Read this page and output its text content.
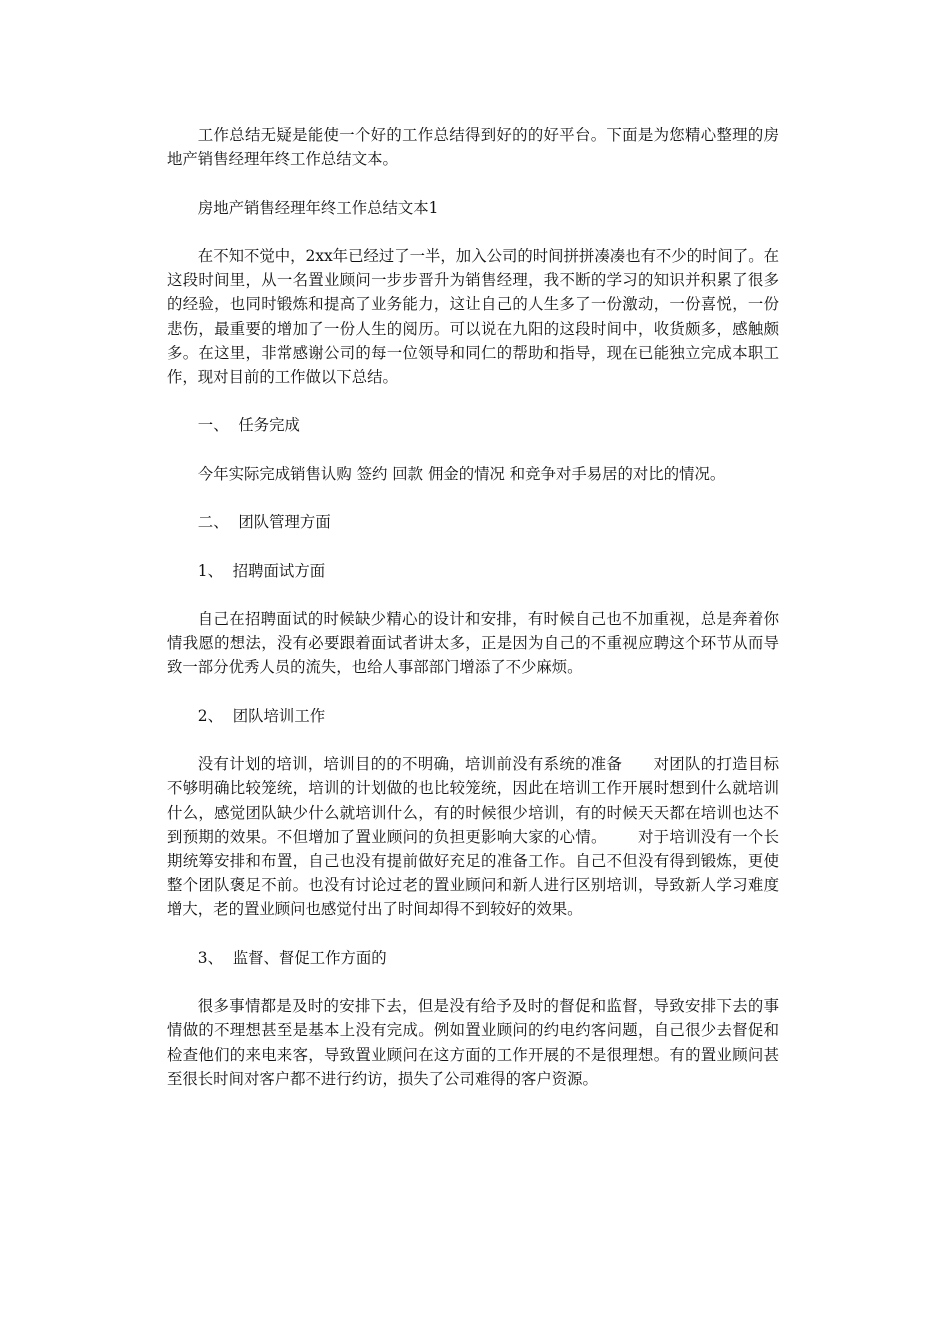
工作总结无疑是能使一个好的工作总结得到好的的好平台。下面是为您精心整理的房地产销售经理年终工作总结文本。

房地产销售经理年终工作总结文本1

在不知不觉中，2xx年已经过了一半，加入公司的时间拼拼凑凑也有不少的时间了。在这段时间里，从一名置业顾问一步步晋升为销售经理，我不断的学习的知识并积累了很多的经验，也同时锻炼和提高了业务能力，这让自己的人生多了一份激动，一份喜悦，一份悲伤，最重要的增加了一份人生的阅历。可以说在九阳的这段时间中，收货颇多，感触颇多。在这里，非常感谢公司的每一位领导和同仁的帮助和指导，现在已能独立完成本职工作，现对目前的工作做以下总结。

一、  任务完成

今年实际完成销售认购 签约 回款 佣金的情况 和竞争对手易居的对比的情况。

二、  团队管理方面

1、  招聘面试方面

自己在招聘面试的时候缺少精心的设计和安排，有时候自己也不加重视，总是奔着你情我愿的想法，没有必要跟着面试者讲太多，正是因为自己的不重视应聘这个环节从而导致一部分优秀人员的流失，也给人事部部门增添了不少麻烦。

2、  团队培训工作

没有计划的培训，培训目的的不明确，培训前没有系统的准备      对团队的打造目标不够明确比较笼统，培训的计划做的也比较笼统，因此在培训工作开展时想到什么就培训什么，感觉团队缺少什么就培训什么，有的时候很少培训，有的时候天天都在培训也达不到预期的效果。不但增加了置业顾问的负担更影响大家的心情。      对于培训没有一个长期统筹安排和布置，自己也没有提前做好充足的准备工作。自己不但没有得到锻炼，更使整个团队褒足不前。也没有讨论过老的置业顾问和新人进行区别培训，导致新人学习难度增大，老的置业顾问也感觉付出了时间却得不到较好的效果。

3、  监督、督促工作方面的

很多事情都是及时的安排下去，但是没有给予及时的督促和监督，导致安排下去的事情做的不理想甚至是基本上没有完成。例如置业顾问的约电约客问题，自己很少去督促和检查他们的来电来客，导致置业顾问在这方面的工作开展的不是很理想。有的置业顾问甚至很长时间对客户都不进行约访，损失了公司难得的客户资源。
